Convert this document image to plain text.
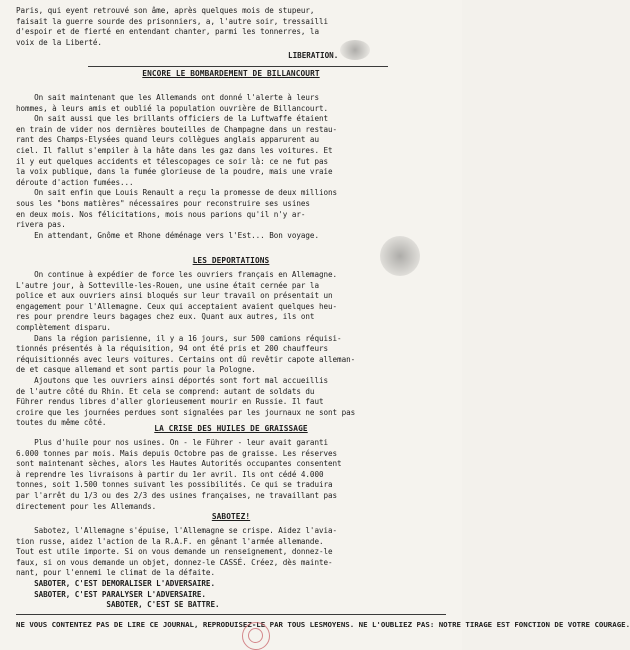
Paris, qui eyent retrouvé son âme, après quelques mois de stupeur,
faisait la guerre sourde des prisonniers, a, l'autre soir, tressailli
d'espoir et de fierté en entendant chanter, parmi les tonnerres, la
voix de la Liberté.
LIBERATION.
ENCORE LE BOMBARDEMENT DE BILLANCOURT
On sait maintenant que les Allemands ont donné l'alerte à leurs
hommes, à leurs amis et oublié la population ouvrière de Billancourt.
On sait aussi que les brillants officiers de la Luftwaffe étaient
en train de vider nos dernières bouteilles de Champagne dans un restau-
rant des Champs-Elysées quand leurs collègues anglais apparurent au
ciel. Il fallut s'empiler à la hâte dans les gaz dans les voitures. Et
il y eut quelques accidents et télescopages ce soir là: ce ne fut pas
la voix publique, dans la fumée glorieuse de la poudre, mais une vraie
déroute d'action fumées...
On sait enfin que Louis Renault a reçu la promesse de deux millions
sous les "bons matières" nécessaires pour reconstruire ses usines
en deux mois. Nos félicitations, mois nous parions qu'il n'y ar-
rivera pas.
En attendant, Gnôme et Rhone déménage vers l'Est... Bon voyage.
LES DEPORTATIONS
On continue à expédier de force les ouvriers français en Allemagne.
L'autre jour, à Sotteville-les-Rouen, une usine était cernée par la
police et aux ouvriers ainsi bloqués sur leur travail on présentait un
engagement pour l'Allemagne. Ceux qui acceptaient avaient quelques heu-
res pour prendre leurs bagages chez eux. Quant aux autres, ils ont
complètement disparu.
Dans la région parisienne, il y a 16 jours, sur 500 camions réquisi-
tionnés présentés à la réquisition, 94 ont été pris et 200 chauffeurs
réquisitionnés avec leurs voitures. Certains ont dû revêtir capote alleman-
de et casque allemand et sont partis pour la Pologne.
Ajoutons que les ouvriers ainsi déportés sont fort mal accueillis
de l'autre côté du Rhin. Et cela se comprend: autant de soldats du
Führer rendus libres d'aller glorieusement mourir en Russie. Il faut
croire que les journées perdues sont signalées par les journaux ne sont pas
toutes du même côté.
LA CRISE DES HUILES DE GRAISSAGE
Plus d'huile pour nos usines. On - le Führer - leur avait garanti
6.000 tonnes par mois. Mais depuis Octobre pas de graisse. Les réserves
sont maintenant sèches, alors les Hautes Autorités occupantes consentent
à reprendre les livraisons à partir du 1er avril. Ils ont cédé 4.000
tonnes, soit 1.500 tonnes suivant les possibilités. Ce qui se traduira
par l'arrêt du 1/3 ou des 2/3 des usines françaises, ne travaillant pas
directement pour les Allemands.
SABOTEZ!
Sabotez, l'Allemagne s'épuise, l'Allemagne se crispe. Aidez l'avia-
tion russe, aidez l'action de la R.A.F. en gênant l'armée allemande.
Tout est utile importe. Si on vous demande un renseignement, donnez-le
faux, si on vous demande un objet, donnez-le CASSÉ. Créez, dès mainte-
nant, pour l'ennemi le climat de la défaite.
SABOTER, C'EST DEMORALISER L'ADVERSAIRE.
SABOTER, C'EST PARALYSER L'ADVERSAIRE.
SABOTER, C'EST SE BATTRE.
NE VOUS CONTENTEZ PAS DE LIRE CE JOURNAL, REPRODUISEZ-LE PAR TOUS LESMOYENS. NE L'OUBLIEZ PAS: NOTRE TIRAGE EST FONCTION DE VOTRE COURAGE.
